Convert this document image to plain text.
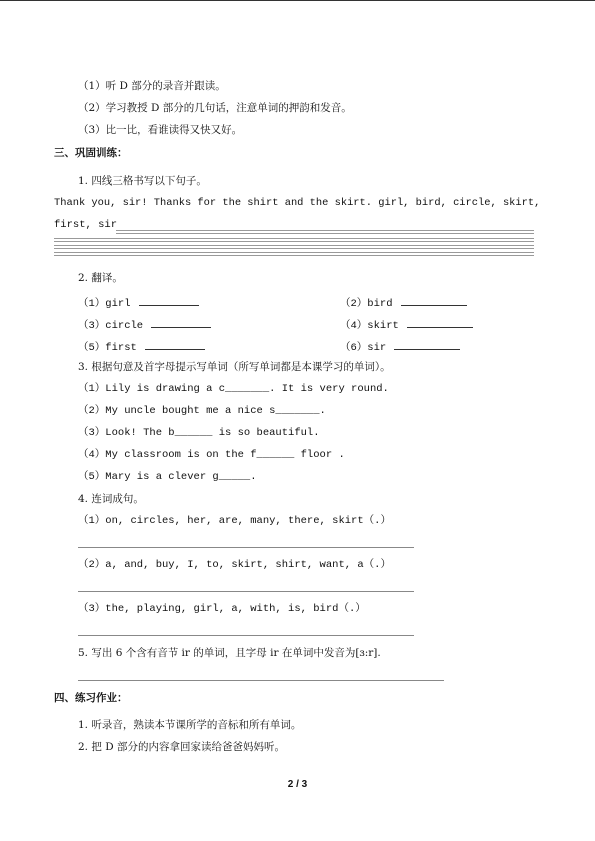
（1）听 D 部分的录音并跟读。
（2）学习教授 D 部分的几句话，注意单词的押韵和发音。
（3）比一比，看谁读得又快又好。
三、巩固训练：
1. 四线三格书写以下句子。
Thank you, sir! Thanks for the shirt and the skirt. girl, bird, circle, skirt,
first, sir
2. 翻译。
（1）girl	（2）bird
（3）circle	（4）skirt
（5）first	（6）sir
3. 根据句意及首字母提示写单词（所写单词都是本课学习的单词）。
（1）Lily is drawing a c_______. It is very round.
（2）My uncle bought me a nice s_______.
（3）Look! The b______ is so beautiful.
（4）My classroom is on the f______ floor .
（5）Mary is a clever g_____.
4. 连词成句。
（1）on, circles, her, are, many, there, skirt（.）
（2）a, and, buy, I, to, skirt, shirt, want, a（.）
（3）the, playing, girl, a, with, is, bird（.）
5. 写出 6 个含有音节 ir 的单词，且字母 ir 在单词中发音为[ɜ:r].
四、练习作业：
1. 听录音，熟读本节课所学的音标和所有单词。
2. 把 D 部分的内容拿回家读给爸爸妈妈听。
2 / 3
